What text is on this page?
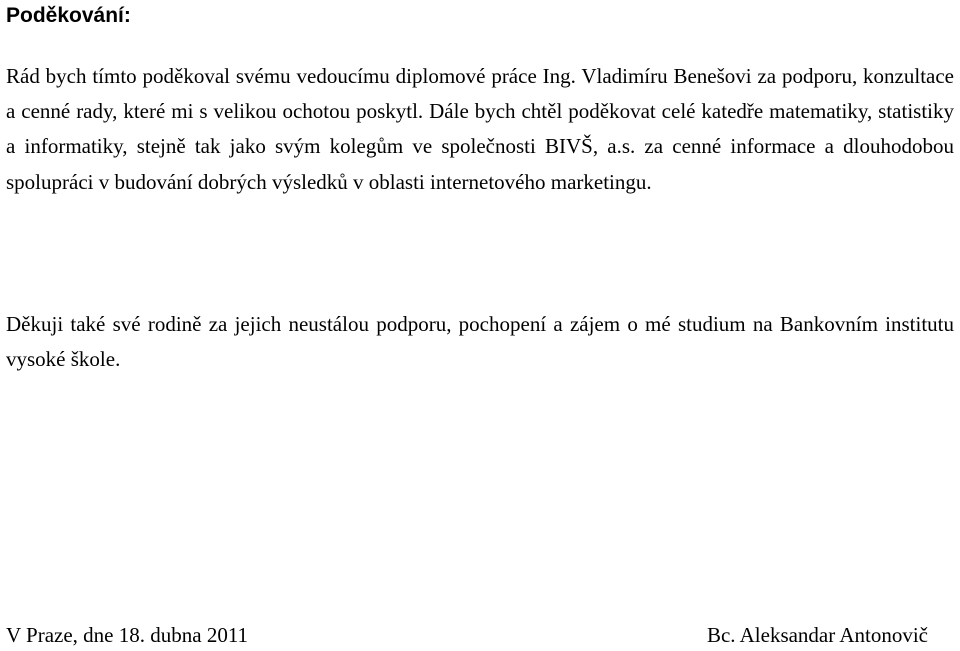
Poděkování:

Rád bych tímto poděkoval svému vedoucímu diplomové práce Ing. Vladimíru Benešovi za podporu, konzultace a cenné rady, které mi s velikou ochotou poskytl. Dále bych chtěl poděkovat celé katedře matematiky, statistiky a informatiky, stejně tak jako svým kolegům ve společnosti BIVŠ, a.s. za cenné informace a dlouhodobou spolupráci v budování dobrých výsledků v oblasti internetového marketingu.

Děkuji také své rodině za jejich neustálou podporu, pochopení a zájem o mé studium na Bankovním institutu vysoké škole.

V Praze, dne 18. dubna 2011	Bc. Aleksandar Antonovič
